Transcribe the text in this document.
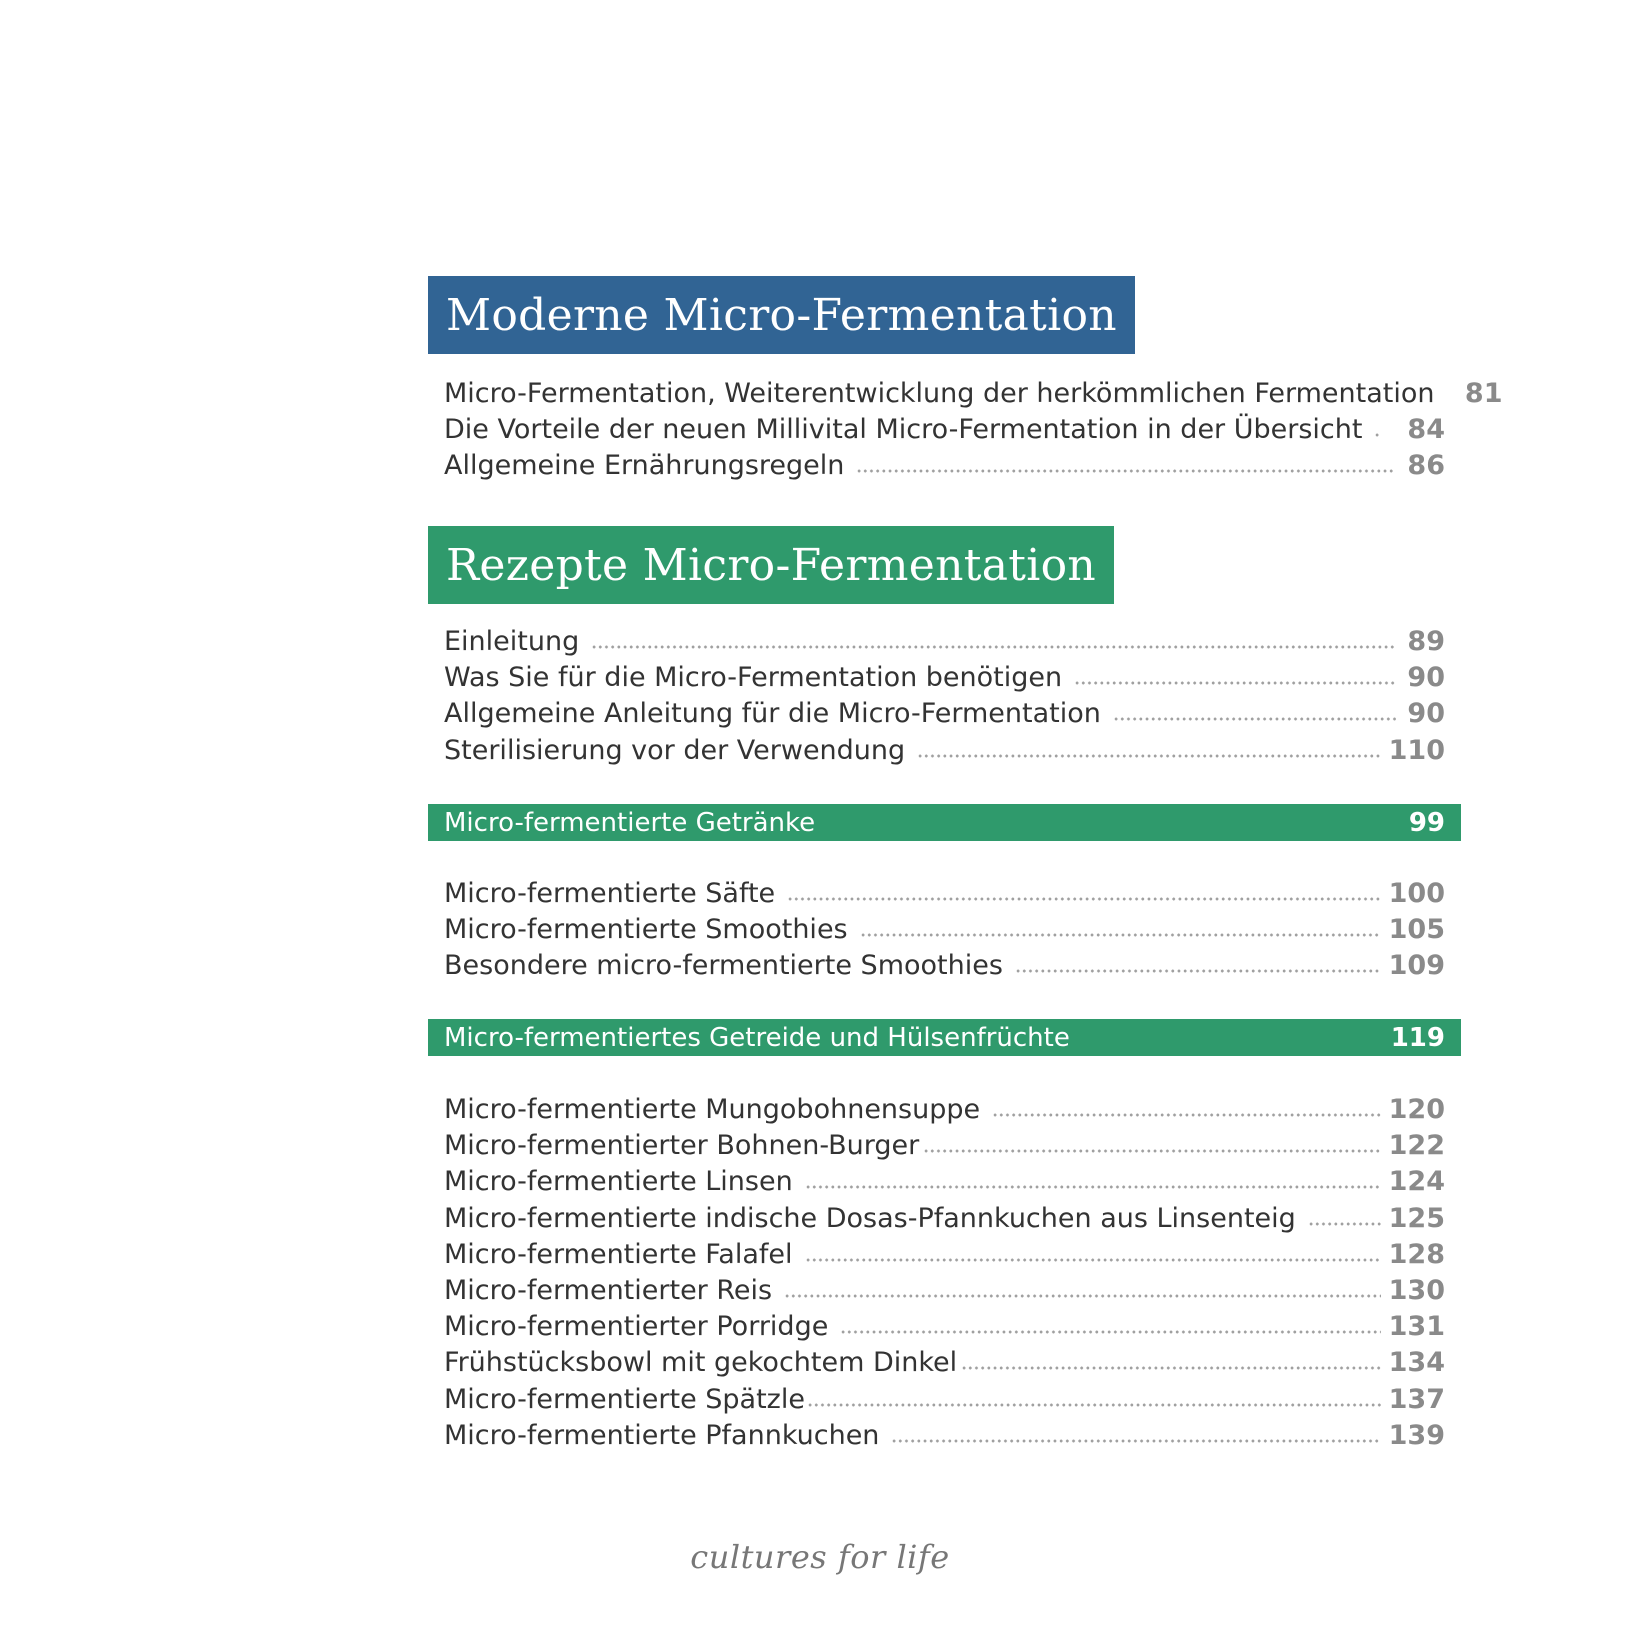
Moderne Micro-Fermentation
Micro-Fermentation, Weiterentwicklung der herkömmlichen Fermentation	81
Die Vorteile der neuen Millivital Micro-Fermentation in der Übersicht	84
Allgemeine Ernährungsregeln	86
Rezepte Micro-Fermentation
Einleitung	89
Was Sie für die Micro-Fermentation benötigen	90
Allgemeine Anleitung für die Micro-Fermentation	90
Sterilisierung vor der Verwendung	110
Micro-fermentierte Getränke	99
Micro-fermentierte Säfte	100
Micro-fermentierte Smoothies	105
Besondere micro-fermentierte Smoothies	109
Micro-fermentiertes Getreide und Hülsenfrüchte	119
Micro-fermentierte Mungobohnensuppe	120
Micro-fermentierter Bohnen-Burger	122
Micro-fermentierte Linsen	124
Micro-fermentierte indische Dosas-Pfannkuchen aus Linsenteig	125
Micro-fermentierte Falafel	128
Micro-fermentierter Reis	130
Micro-fermentierter Porridge	131
Frühstücksbowl mit gekochtem Dinkel	134
Micro-fermentierte Spätzle	137
Micro-fermentierte Pfannkuchen	139
cultures for life
